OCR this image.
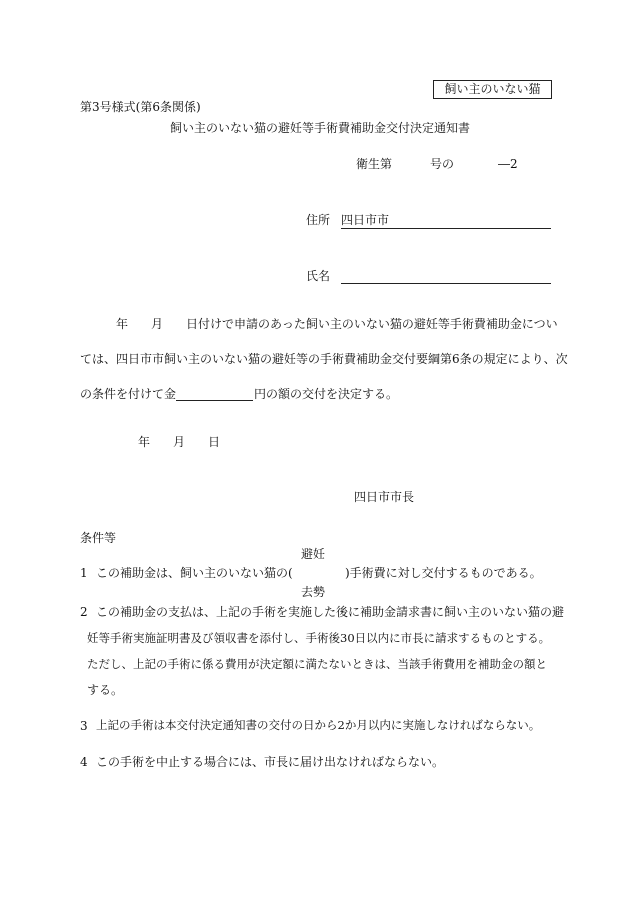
飼い主のいない猫
第3号様式(第6条関係)
飼い主のいない猫の避妊等手術費補助金交付決定通知書
衛生第	号の	―2
住所 四日市市
氏名
年 月 日付けで申請のあった飼い主のいない猫の避妊等手術費補助金につい
ては、四日市市飼い主のいない猫の避妊等の手術費補助金交付要綱第6条の規定により、次
の条件を付けて金	円の額の交付を決定する。
年 月 日
四日市市長
条件等
避妊
1 この補助金は、飼い主のいない猫の(	)手術費に対し交付するものである。
去勢
2 この補助金の支払は、上記の手術を実施した後に補助金請求書に飼い主のいない猫の避
妊等手術実施証明書及び領収書を添付し、手術後30日以内に市長に請求するものとする。
ただし、上記の手術に係る費用が決定額に満たないときは、当該手術費用を補助金の額と
する。
3 上記の手術は本交付決定通知書の交付の日から2か月以内に実施しなければならない。
4 この手術を中止する場合には、市長に届け出なければならない。
